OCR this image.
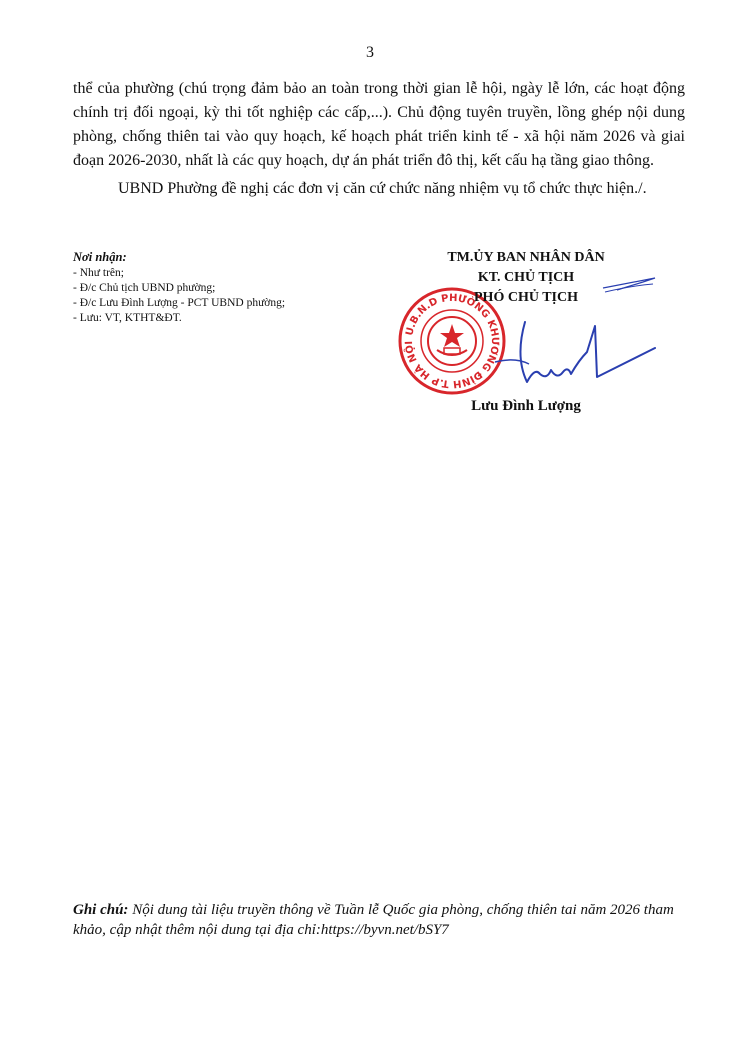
3

thể của phường (chú trọng đảm bảo an toàn trong thời gian lễ hội, ngày lễ lớn, các hoạt động chính trị đối ngoại, kỳ thi tốt nghiệp các cấp,...). Chủ động tuyên truyền, lồng ghép nội dung phòng, chống thiên tai vào quy hoạch, kế hoạch phát triển kinh tế - xã hội năm 2026 và giai đoạn 2026-2030, nhất là các quy hoạch, dự án phát triển đô thị, kết cấu hạ tầng giao thông.

UBND Phường đề nghị các đơn vị căn cứ chức năng nhiệm vụ tổ chức thực hiện./.

Nơi nhận:
- Như trên;
- Đ/c Chủ tịch UBND phường;
- Đ/c Lưu Đình Lượng - PCT UBND phường;
- Lưu: VT, KTHT&ĐT.
U.B.N.D PHƯỜNG KHƯƠNG ĐÌNH T.P HÀ NỘI
TM.ỦY BAN NHÂN DÂN
KT. CHỦ TỊCH
PHÓ CHỦ TỊCH
Lưu Đình Lượng
Ghi chú: Nội dung tài liệu truyền thông về Tuần lễ Quốc gia phòng, chống thiên tai năm 2026 tham khảo, cập nhật thêm nội dung tại địa chỉ:https://byvn.net/bSY7
